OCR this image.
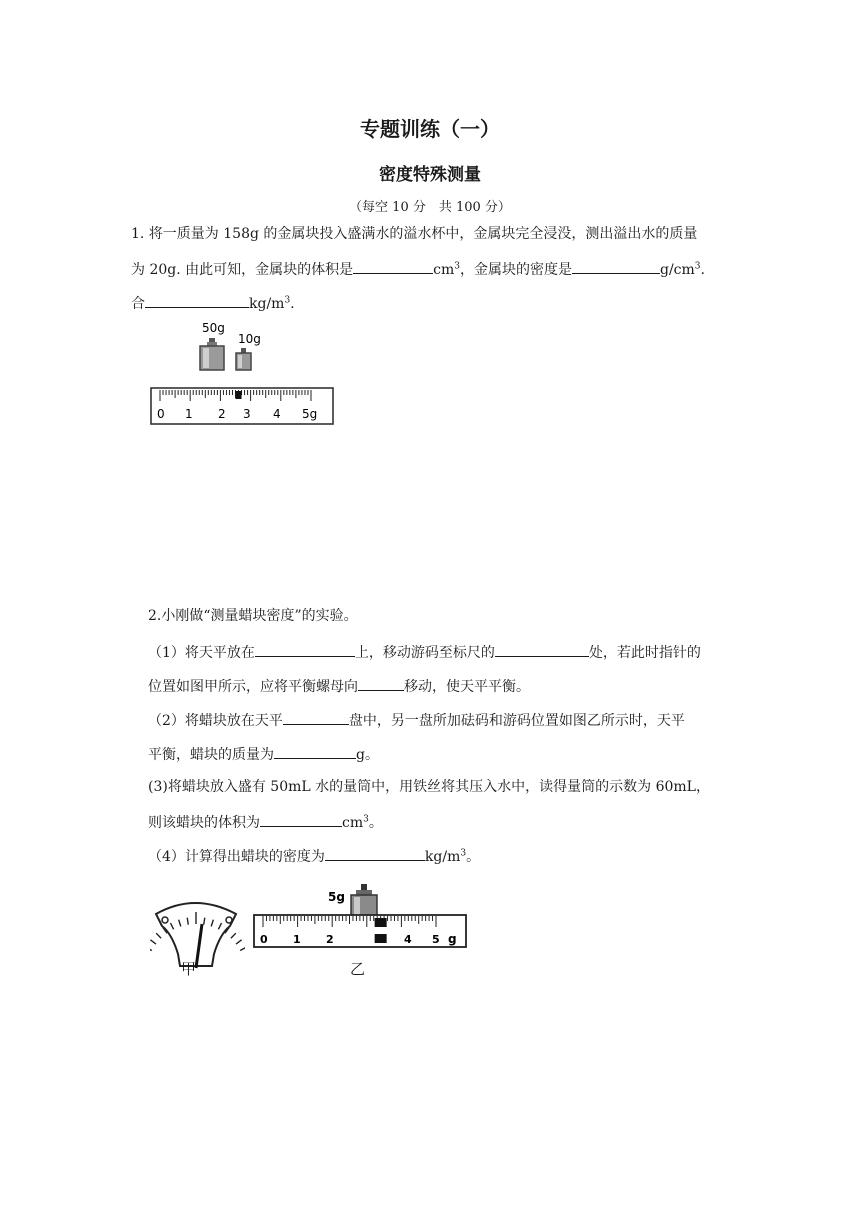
专题训练（一）
密度特殊测量
（每空 10 分　共 100 分）
1. 将一质量为 158g 的金属块投入盛满水的溢水杯中，金属块完全浸没，测出溢出水的质量
为 20g. 由此可知，金属块的体积是	$cm^3$，金属块的密度是	$g/cm^3$.
合	$kg/m^3$.
50g
10g
0 1 2 3 4 5g
2.小刚做“测量蜡块密度”的实验。
（1）将天平放在	上，移动游码至标尺的	处，若此时指针的
位置如图甲所示，应将平衡螺母向	移动，使天平平衡。
（2）将蜡块放在天平	盘中，另一盘所加砝码和游码位置如图乙所示时，天平
平衡，蜡块的质量为	g。
(3)将蜡块放入盛有 50mL 水的量筒中，用铁丝将其压入水中，读得量筒的示数为 60mL，
则该蜡块的体积为	$cm^3$。
（4）计算得出蜡块的密度为	$kg/m^3$。
甲
5g
0 1 2	4 5 g
乙
